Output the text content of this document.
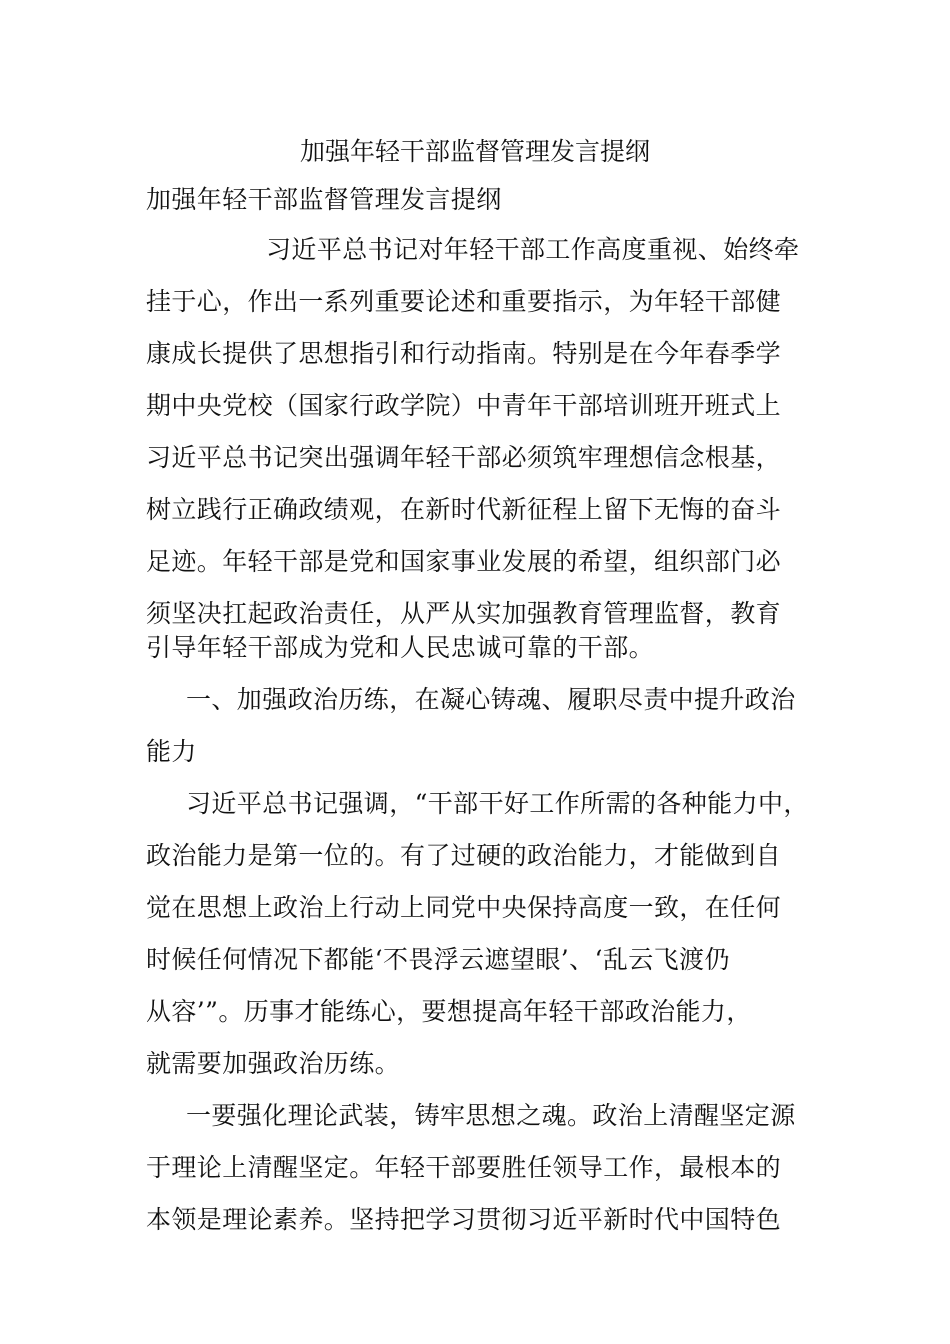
加强年轻干部监督管理发言提纲
加强年轻干部监督管理发言提纲
习近平总书记对年轻干部工作高度重视、始终牵
挂于心，作出一系列重要论述和重要指示，为年轻干部健
康成长提供了思想指引和行动指南。特别是在今年春季学
期中央党校（国家行政学院）中青年干部培训班开班式上
习近平总书记突出强调年轻干部必须筑牢理想信念根基，
树立践行正确政绩观，在新时代新征程上留下无悔的奋斗
足迹。年轻干部是党和国家事业发展的希望，组织部门必
须坚决扛起政治责任，从严从实加强教育管理监督，教育
引导年轻干部成为党和人民忠诚可靠的干部。
一、加强政治历练，在凝心铸魂、履职尽责中提升政治
能力
习近平总书记强调，“干部干好工作所需的各种能力中，
政治能力是第一位的。有了过硬的政治能力，才能做到自
觉在思想上政治上行动上同党中央保持高度一致，在任何
时候任何情况下都能‘不畏浮云遮望眼’、‘乱云飞渡仍
从容’”。历事才能练心，要想提高年轻干部政治能力，
就需要加强政治历练。
一要强化理论武装，铸牢思想之魂。政治上清醒坚定源
于理论上清醒坚定。年轻干部要胜任领导工作，最根本的
本领是理论素养。坚持把学习贯彻习近平新时代中国特色
